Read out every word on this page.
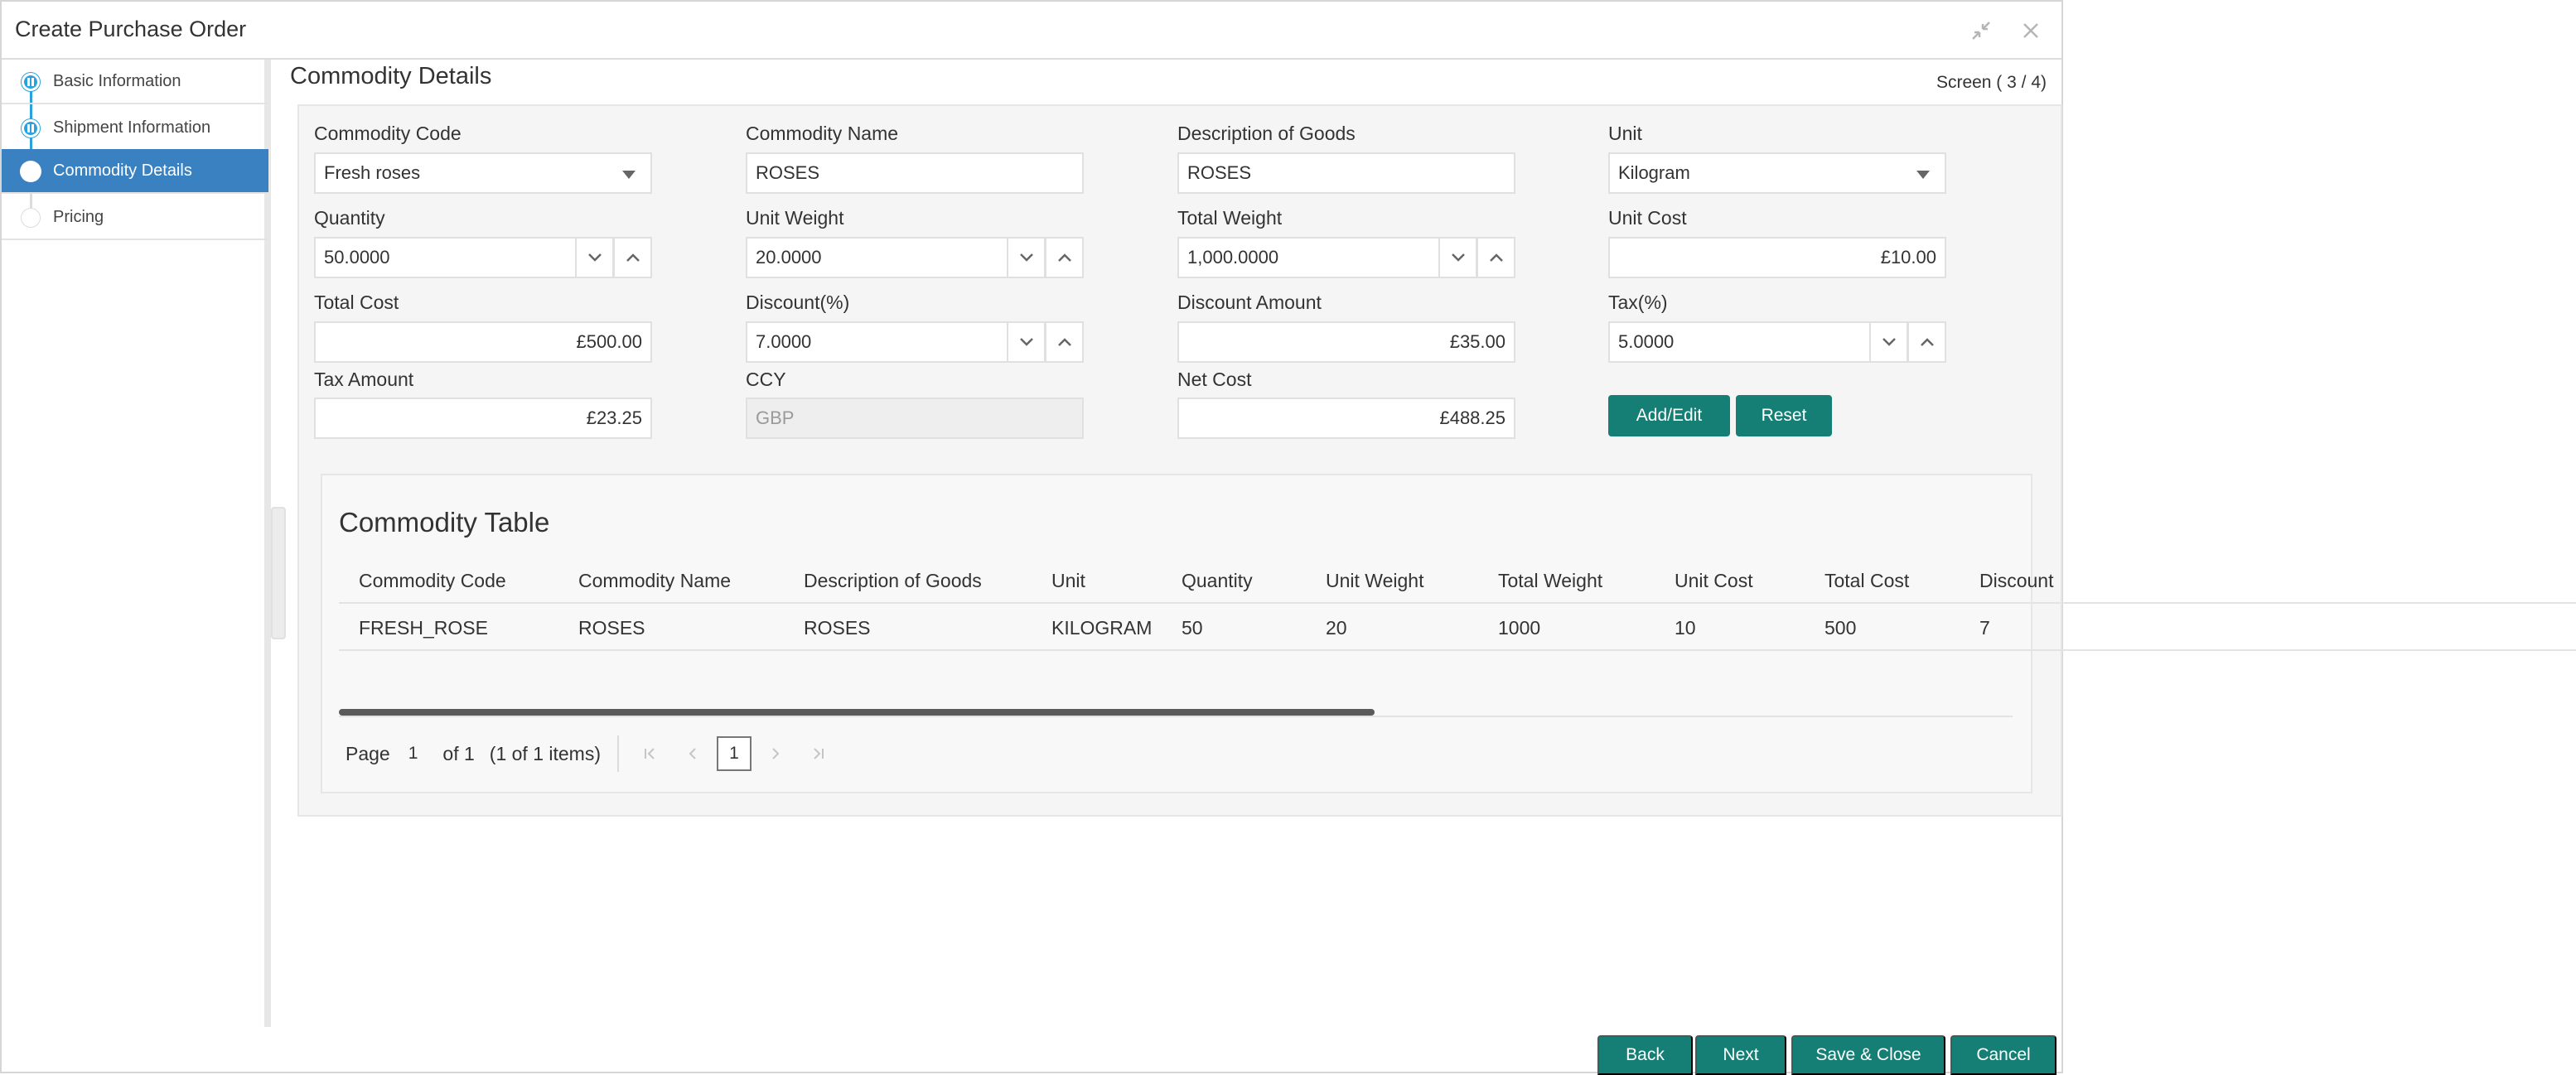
Create Purchase Order
Basic Information
Shipment Information
Commodity Details
Pricing
Commodity Details	Screen ( 3 / 4)
Commodity Code
Fresh roses
Commodity Name
ROSES
Description of Goods
ROSES
Unit
Kilogram
Quantity
50.0000
Unit Weight
20.0000
Total Weight
1,000.0000
Unit Cost
£10.00
Total Cost
£500.00
Discount(%)
7.0000
Discount Amount
£35.00
Tax(%)
5.0000
Tax Amount
£23.25
CCY
GBP
Net Cost
£488.25	Add/Edit	Reset
Commodity Table
Commodity Code	Commodity Name	Description of Goods	Unit	Quantity	Unit Weight	Total Weight	Unit Cost	Total Cost	Discount
FRESH_ROSE	ROSES	ROSES	KILOGRAM 50	20	1000	10	500	7
Page 1 of 1 (1 of 1 items)	1
Back	Next	Save & Close	Cancel
